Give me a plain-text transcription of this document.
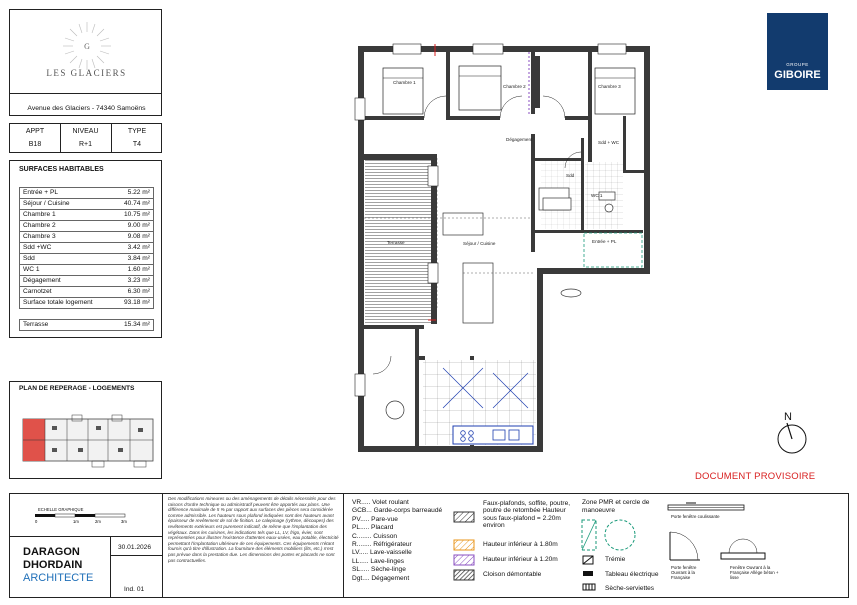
G
LES GLACIERS
Avenue des Glaciers - 74340 Samoëns
APPT	NIVEAU	TYPE
B18	R+1	T4
SURFACES HABITABLES
Entrée + PL	5.22 m²
Séjour / Cuisine	40.74 m²
Chambre 1	10.75 m²
Chambre 2	9.00 m²
Chambre 3	9.08 m²
Sdd +WC	3.42 m²
Sdd	3.84 m²
WC 1	1.60 m²
Dégagement	3.23 m²
Carnotzet	6.30 m²
Surface totale logement	93.18 m²
Terrasse	15.34 m²
PLAN DE REPERAGE - LOGEMENTS
GROUPE
GIBOIRE
N
DOCUMENT PROVISOIRE
Chambre 1
Chambre 2	Chambre 3
Dégagement
Sdd + WC
Sdd
WC 1
Séjour / Cuisine
Terrasse	Entrée + PL
ECHELLE GRAPHIQUE
0	1m	2m	3m
DARAGON
DHORDAIN
ARCHITECTE
30.01.2026
Ind. 01
Des modifications mineures ou des aménagements de détails nécessités pour des raisons d'ordre technique ou administratif peuvent être apportés aux plans. Une différence maximale de 5 % par rapport aux surfaces des pièces sera considérée comme admissible. Les hauteurs sous plafond indiquées sont des hauteurs avant épaisseur de revêtement de sol de finition. Le calepinage (rythme, découpes) des revêtements extérieurs est purement indicatif, de même que l'implantation des végétaux. Dans les cuisines, les indications tels que LL, LV, frigo, évier, sont représentées pour illustrer l'existence d'attentes eaux-usées, eau potable, électricité permettant l'implantation ultérieure de ces équipements. Ces équipements n'étant fournis qu'à titre d'illustration. La fourniture des éléments mobiliers (lits, etc.) n'est pas prévue dans la prestation due. Les dimensions des portes et placards ne sont pas contractuelles.
VR..... Volet roulant
GCB... Garde-corps barreaudé
PV..... Pare-vue
PL..... Placard
C........ Cuisson
R........ Réfrigérateur
LV..... Lave-vaisselle
LL..... Lave-linges
SL..... Sèche-linge
Dgt.... Dégagement
Faux-plafonds, soffite, poutre, poutre de retombée Hauteur sous faux-plafond = 2.20m environ
Hauteur inférieur à 1.80m
Hauteur inférieur à 1.20m
Cloison démontable
Zone PMR et cercle de manoeuvre
Trémie
Tableau électrique
Sèche-serviettes
Porte fenêtre coulissante
Porte fenêtre Ouvrant à la Française
Fenêtre Ouvrant à la Française Allège béton + lisse
